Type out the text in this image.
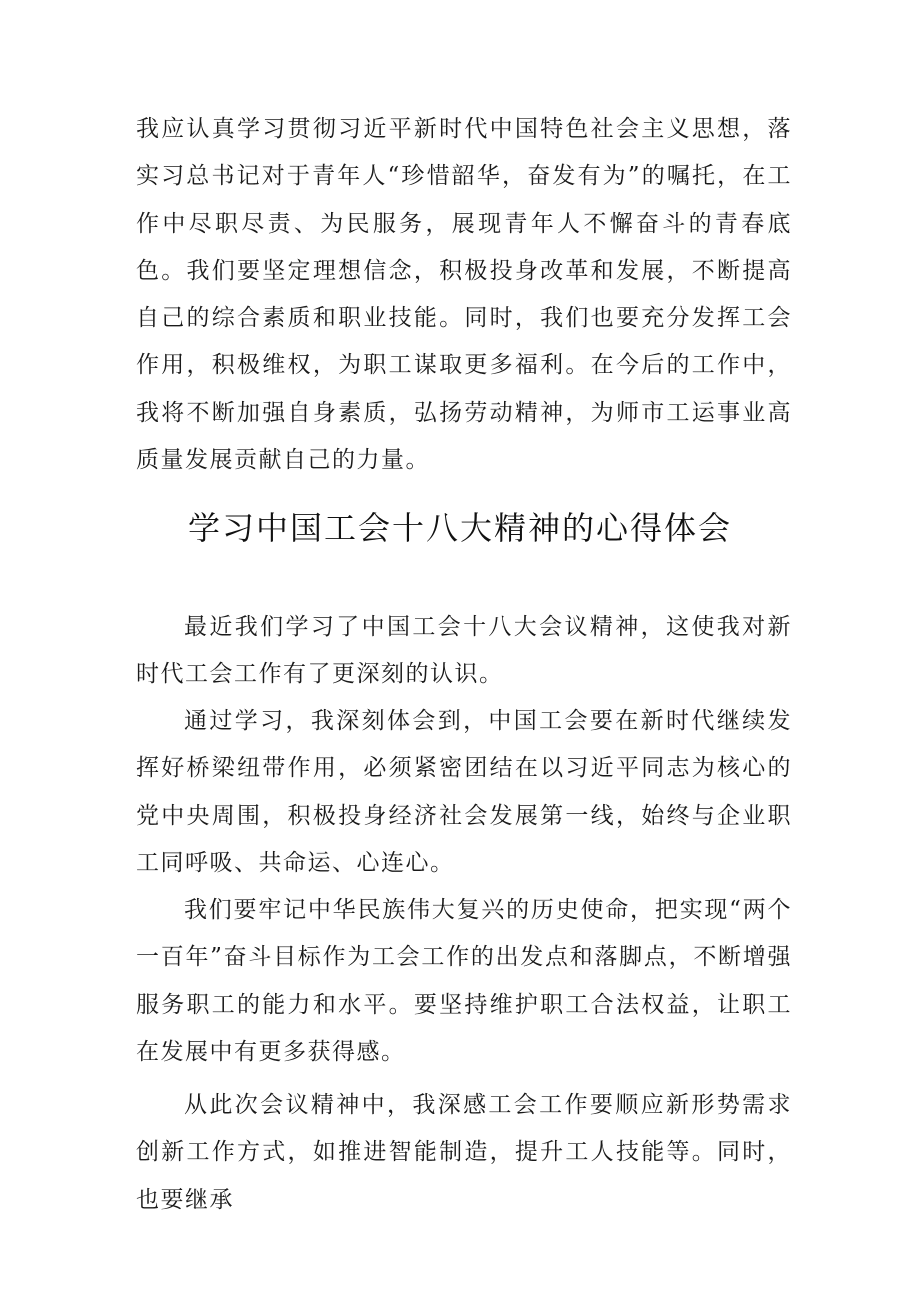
我应认真学习贯彻习近平新时代中国特色社会主义思想，落实习总书记对于青年人“珍惜韶华，奋发有为”的嘱托，在工作中尽职尽责、为民服务，展现青年人不懈奋斗的青春底色。我们要坚定理想信念，积极投身改革和发展，不断提高自己的综合素质和职业技能。同时，我们也要充分发挥工会作用，积极维权，为职工谋取更多福利。在今后的工作中，我将不断加强自身素质，弘扬劳动精神，为师市工运事业高质量发展贡献自己的力量。

学习中国工会十八大精神的心得体会

最近我们学习了中国工会十八大会议精神，这使我对新时代工会工作有了更深刻的认识。

通过学习，我深刻体会到，中国工会要在新时代继续发挥好桥梁纽带作用，必须紧密团结在以习近平同志为核心的党中央周围，积极投身经济社会发展第一线，始终与企业职工同呼吸、共命运、心连心。

我们要牢记中华民族伟大复兴的历史使命，把实现“两个一百年”奋斗目标作为工会工作的出发点和落脚点，不断增强服务职工的能力和水平。要坚持维护职工合法权益，让职工在发展中有更多获得感。

从此次会议精神中，我深感工会工作要顺应新形势需求创新工作方式，如推进智能制造，提升工人技能等。同时，也要继承
